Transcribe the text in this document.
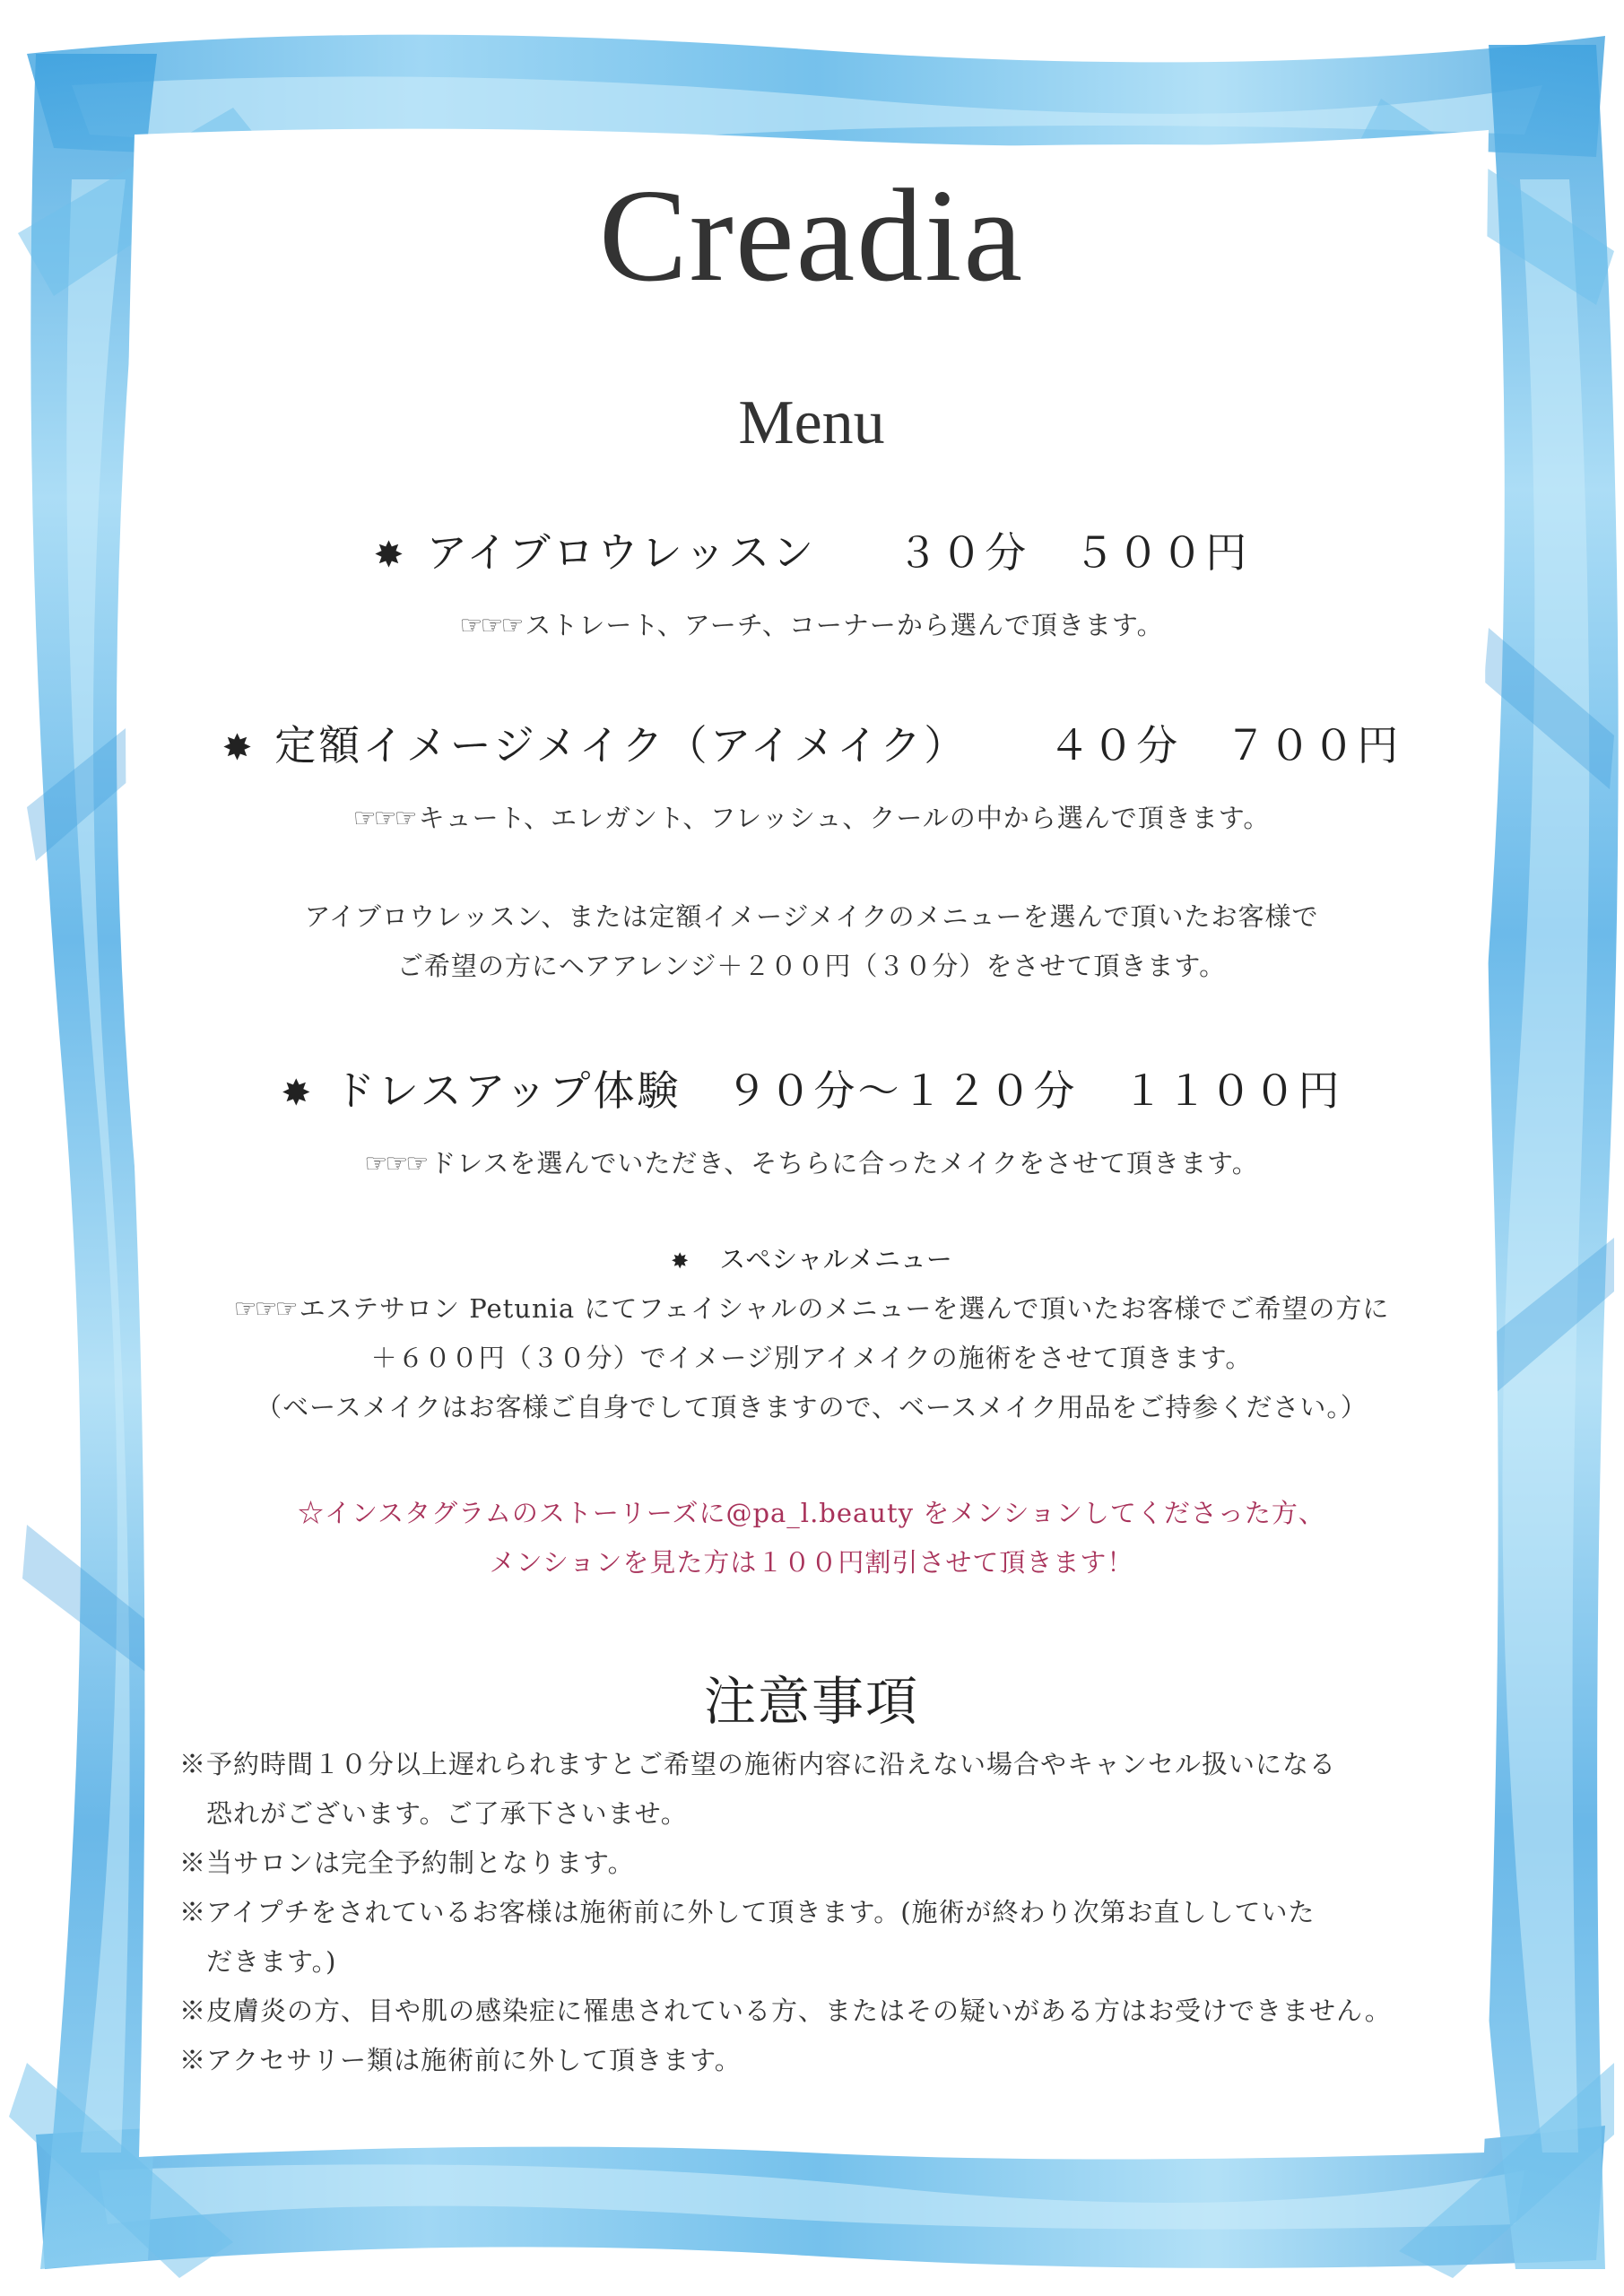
Creadia
Menu
✸ アイブロウレッスン ３０分 ５００円
☞☞☞ ストレート、アーチ、コーナーから選んで頂きます。
✸ 定額イメージメイク（アイメイク） ４０分 ７００円
☞☞☞ キュート、エレガント、フレッシュ、クールの中から選んで頂きます。
アイブロウレッスン、または定額イメージメイクのメニューを選んで頂いたお客様で
ご希望の方にヘアアレンジ＋２００円（３０分）をさせて頂きます。
✸ ドレスアップ体験 ９０分～１２０分 １１００円
☞☞☞ ドレスを選んでいただき、そちらに合ったメイクをさせて頂きます。
✸ スペシャルメニュー
☞☞☞ エステサロン Petunia にてフェイシャルのメニューを選んで頂いたお客様でご希望の方に
＋６００円（３０分）でイメージ別アイメイクの施術をさせて頂きます。
（ベースメイクはお客様ご自身でして頂きますので、ベースメイク用品をご持参ください。）
☆インスタグラムのストーリーズに@pa_l.beauty をメンションしてくださった方、
メンションを見た方は１００円割引させて頂きます！
注意事項
※予約時間１０分以上遅れられますとご希望の施術内容に沿えない場合やキャンセル扱いになる
恐れがございます。ご了承下さいませ。
※当サロンは完全予約制となります。
※アイプチをされているお客様は施術前に外して頂きます。(施術が終わり次第お直ししていた
だきます。)
※皮膚炎の方、目や肌の感染症に罹患されている方、またはその疑いがある方はお受けできません。
※アクセサリー類は施術前に外して頂きます。
